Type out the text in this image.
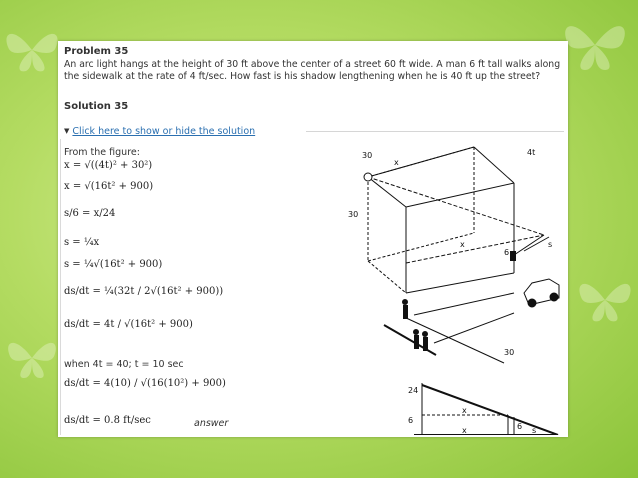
Problem 35
An arc light hangs at the height of 30 ft above the center of a street 60 ft wide. A man 6 ft tall walks along the sidewalk at the rate of 4 ft/sec. How fast is his shadow lengthening when he is 40 ft up the street?
Solution 35
▼ Click here to show or hide the solution
From the figure:
x = √((4t)² + 30²)
x = √(16t² + 900)
s/6 = x/24
s = ¼x
s = ¼√(16t² + 900)
ds/dt = ¼(32t / 2√(16t² + 900))
ds/dt = 4t / √(16t² + 900)
when 4t = 40; t = 10 sec
ds/dt = 4(10) / √(16(10²) + 900)
ds/dt = 0.8 ft/sec	answer
30
x
4t
30
6
x	s
30
24
6
x
6
x	s
